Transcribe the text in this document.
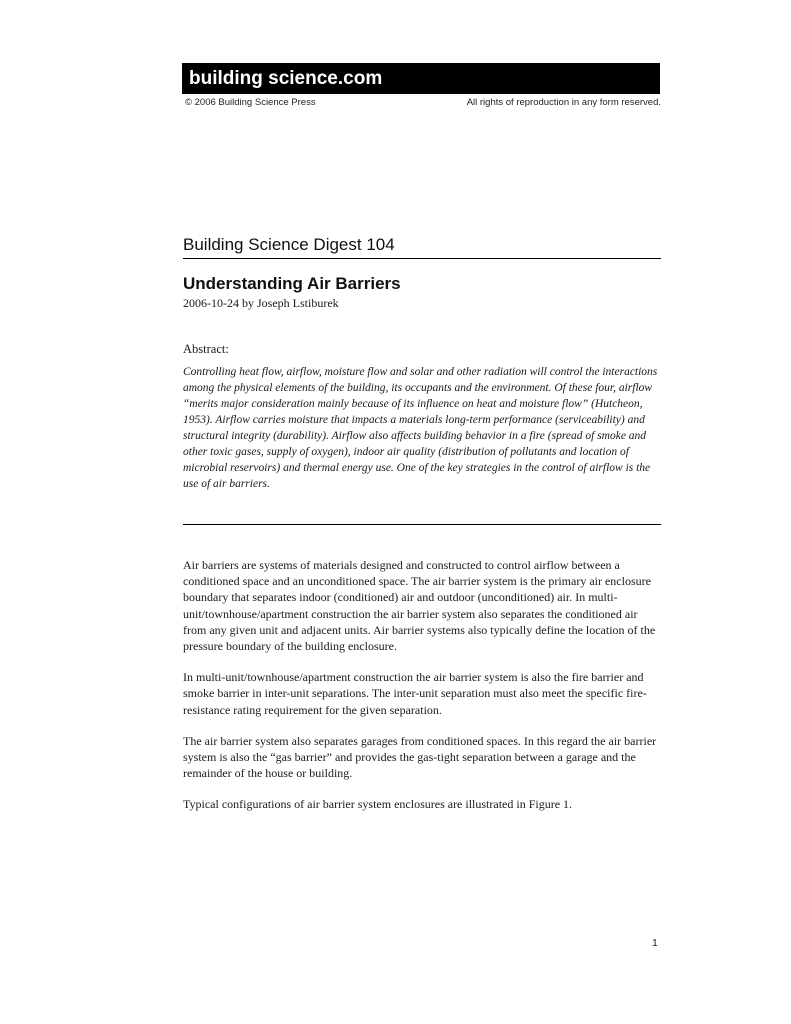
building science.com
© 2006 Building Science Press	All rights of reproduction in any form reserved.
Building Science Digest 104
Understanding Air Barriers
2006-10-24 by Joseph Lstiburek
Abstract:

Controlling heat flow, airflow, moisture flow and solar and other radiation will control the interactions among the physical elements of the building, its occupants and the environment. Of these four, airflow “merits major consideration mainly because of its influence on heat and moisture flow” (Hutcheon, 1953). Airflow carries moisture that impacts a materials long-term performance (serviceability) and structural integrity (durability). Airflow also affects building behavior in a fire (spread of smoke and other toxic gases, supply of oxygen), indoor air quality (distribution of pollutants and location of microbial reservoirs) and thermal energy use. One of the key strategies in the control of airflow is the use of air barriers.

Air barriers are systems of materials designed and constructed to control airflow between a conditioned space and an unconditioned space. The air barrier system is the primary air enclosure boundary that separates indoor (conditioned) air and outdoor (unconditioned) air. In multi-unit/townhouse/apartment construction the air barrier system also separates the conditioned air from any given unit and adjacent units. Air barrier systems also typically define the location of the pressure boundary of the building enclosure.

In multi-unit/townhouse/apartment construction the air barrier system is also the fire barrier and smoke barrier in inter-unit separations. The inter-unit separation must also meet the specific fire-resistance rating requirement for the given separation.

The air barrier system also separates garages from conditioned spaces. In this regard the air barrier system is also the “gas barrier” and provides the gas-tight separation between a garage and the remainder of the house or building.

Typical configurations of air barrier system enclosures are illustrated in Figure 1.

1
